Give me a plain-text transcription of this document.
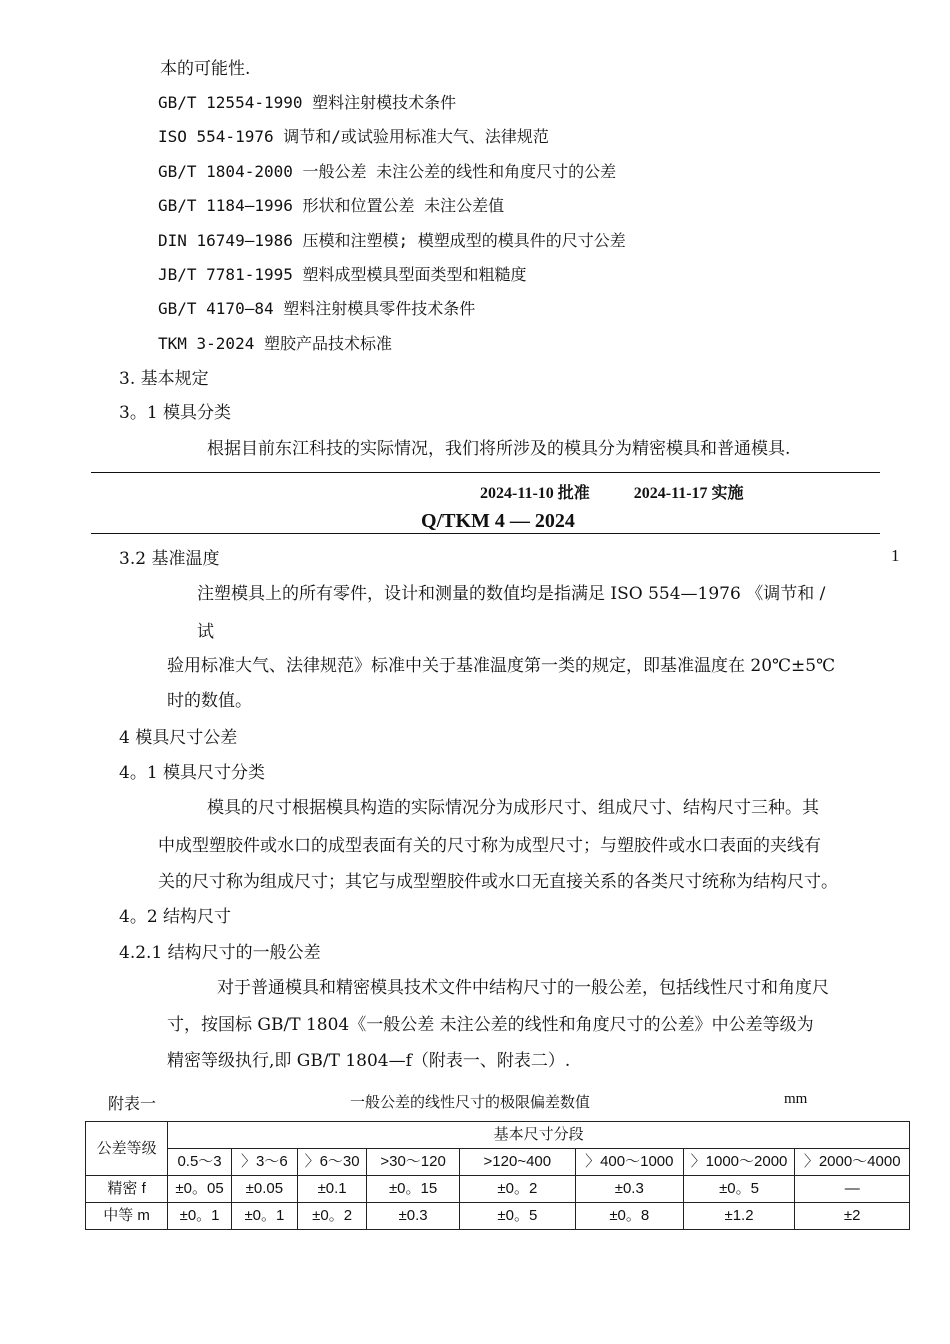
本的可能性.
GB/T 12554-1990 塑料注射模技术条件
ISO 554-1976 调节和/或试验用标准大气、法律规范
GB/T 1804-2000 一般公差 未注公差的线性和角度尺寸的公差
GB/T 1184—1996 形状和位置公差 未注公差值
DIN 16749—1986 压模和注塑模; 模塑成型的模具件的尺寸公差
JB/T 7781-1995 塑料成型模具型面类型和粗糙度
GB/T 4170—84 塑料注射模具零件技术条件
TKM 3-2024 塑胶产品技术标准
3. 基本规定
3。1 模具分类
根据目前东江科技的实际情况，我们将所涉及的模具分为精密模具和普通模具.
2024-11-10 批准	2024-11-17 实施
Q/TKM 4 — 2024
1
3.2 基准温度
注塑模具上的所有零件，设计和测量的数值均是指满足 ISO 554—1976 《调节和 /
试
验用标准大气、法律规范》标准中关于基准温度第一类的规定，即基准温度在 20℃±5℃
时的数值。
4 模具尺寸公差
4。1 模具尺寸分类
模具的尺寸根据模具构造的实际情况分为成形尺寸、组成尺寸、结构尺寸三种。其
中成型塑胶件或水口的成型表面有关的尺寸称为成型尺寸；与塑胶件或水口表面的夹线有
关的尺寸称为组成尺寸；其它与成型塑胶件或水口无直接关系的各类尺寸统称为结构尺寸。
4。2 结构尺寸
4.2.1 结构尺寸的一般公差
对于普通模具和精密模具技术文件中结构尺寸的一般公差，包括线性尺寸和角度尺
寸，按国标 GB/T 1804《一般公差 未注公差的线性和角度尺寸的公差》中公差等级为
精密等级执行,即 GB/T 1804—f（附表一、附表二）.
附表一	一般公差的线性尺寸的极限偏差数值	mm
公差等级	基本尺寸分段							
	0.5～3	〉3～6	〉6～30	>30～120	>120~400	〉400～1000	〉1000～2000	〉2000～4000
精密 f	±0。05	±0.05	±0.1	±0。15	±0。2	±0.3	±0。5	—
中等 m	±0。1	±0。1	±0。2	±0.3	±0。5	±0。8	±1.2	±2
